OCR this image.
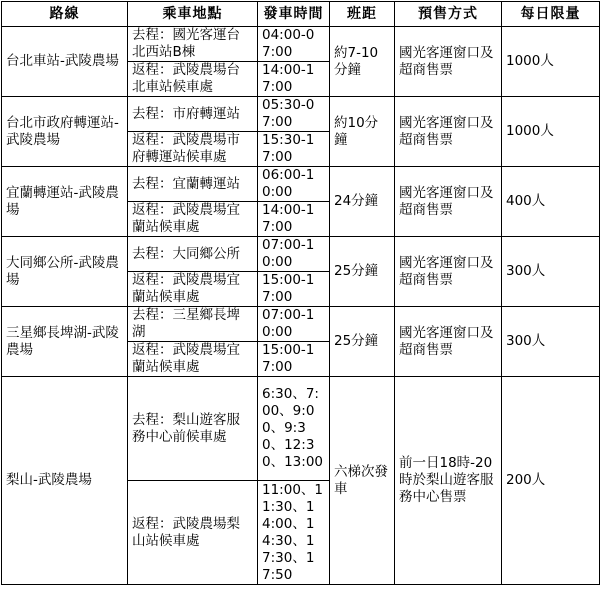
路線	乘車地點	發車時間	班距	預售方式	每日限量
台北車站-武陵農場	去程：國光客運台北西站B棟	04:00-07:00	約7-10分鐘	國光客運窗口及超商售票	1000人
	返程：武陵農場台北車站候車處	14:00-17:00			
台北市政府轉運站-武陵農場	去程：市府轉運站	05:30-07:00	約10分鐘	國光客運窗口及超商售票	1000人
	返程：武陵農場市府轉運站候車處	15:30-17:00			
宜蘭轉運站-武陵農場	去程：宜蘭轉運站	06:00-10:00	24分鐘	國光客運窗口及超商售票	400人
	返程：武陵農場宜蘭站候車處	14:00-17:00			
大同鄉公所-武陵農場	去程：大同鄉公所	07:00-10:00	25分鐘	國光客運窗口及超商售票	300人
	返程：武陵農場宜蘭站候車處	15:00-17:00			
三星鄉長埤湖-武陵農場	去程：三星鄉長埤湖	07:00-10:00	25分鐘	國光客運窗口及超商售票	300人
	返程：武陵農場宜蘭站候車處	15:00-17:00			
梨山-武陵農場	去程：梨山遊客服務中心前候車處	6:30、7:00、9:00、9:30、12:30、13:00	六梯次發車	前一日18時-20時於梨山遊客服務中心售票	200人
	返程：武陵農場梨山站候車處	11:00、11:30、14:00、14:30、17:30、17:50			
